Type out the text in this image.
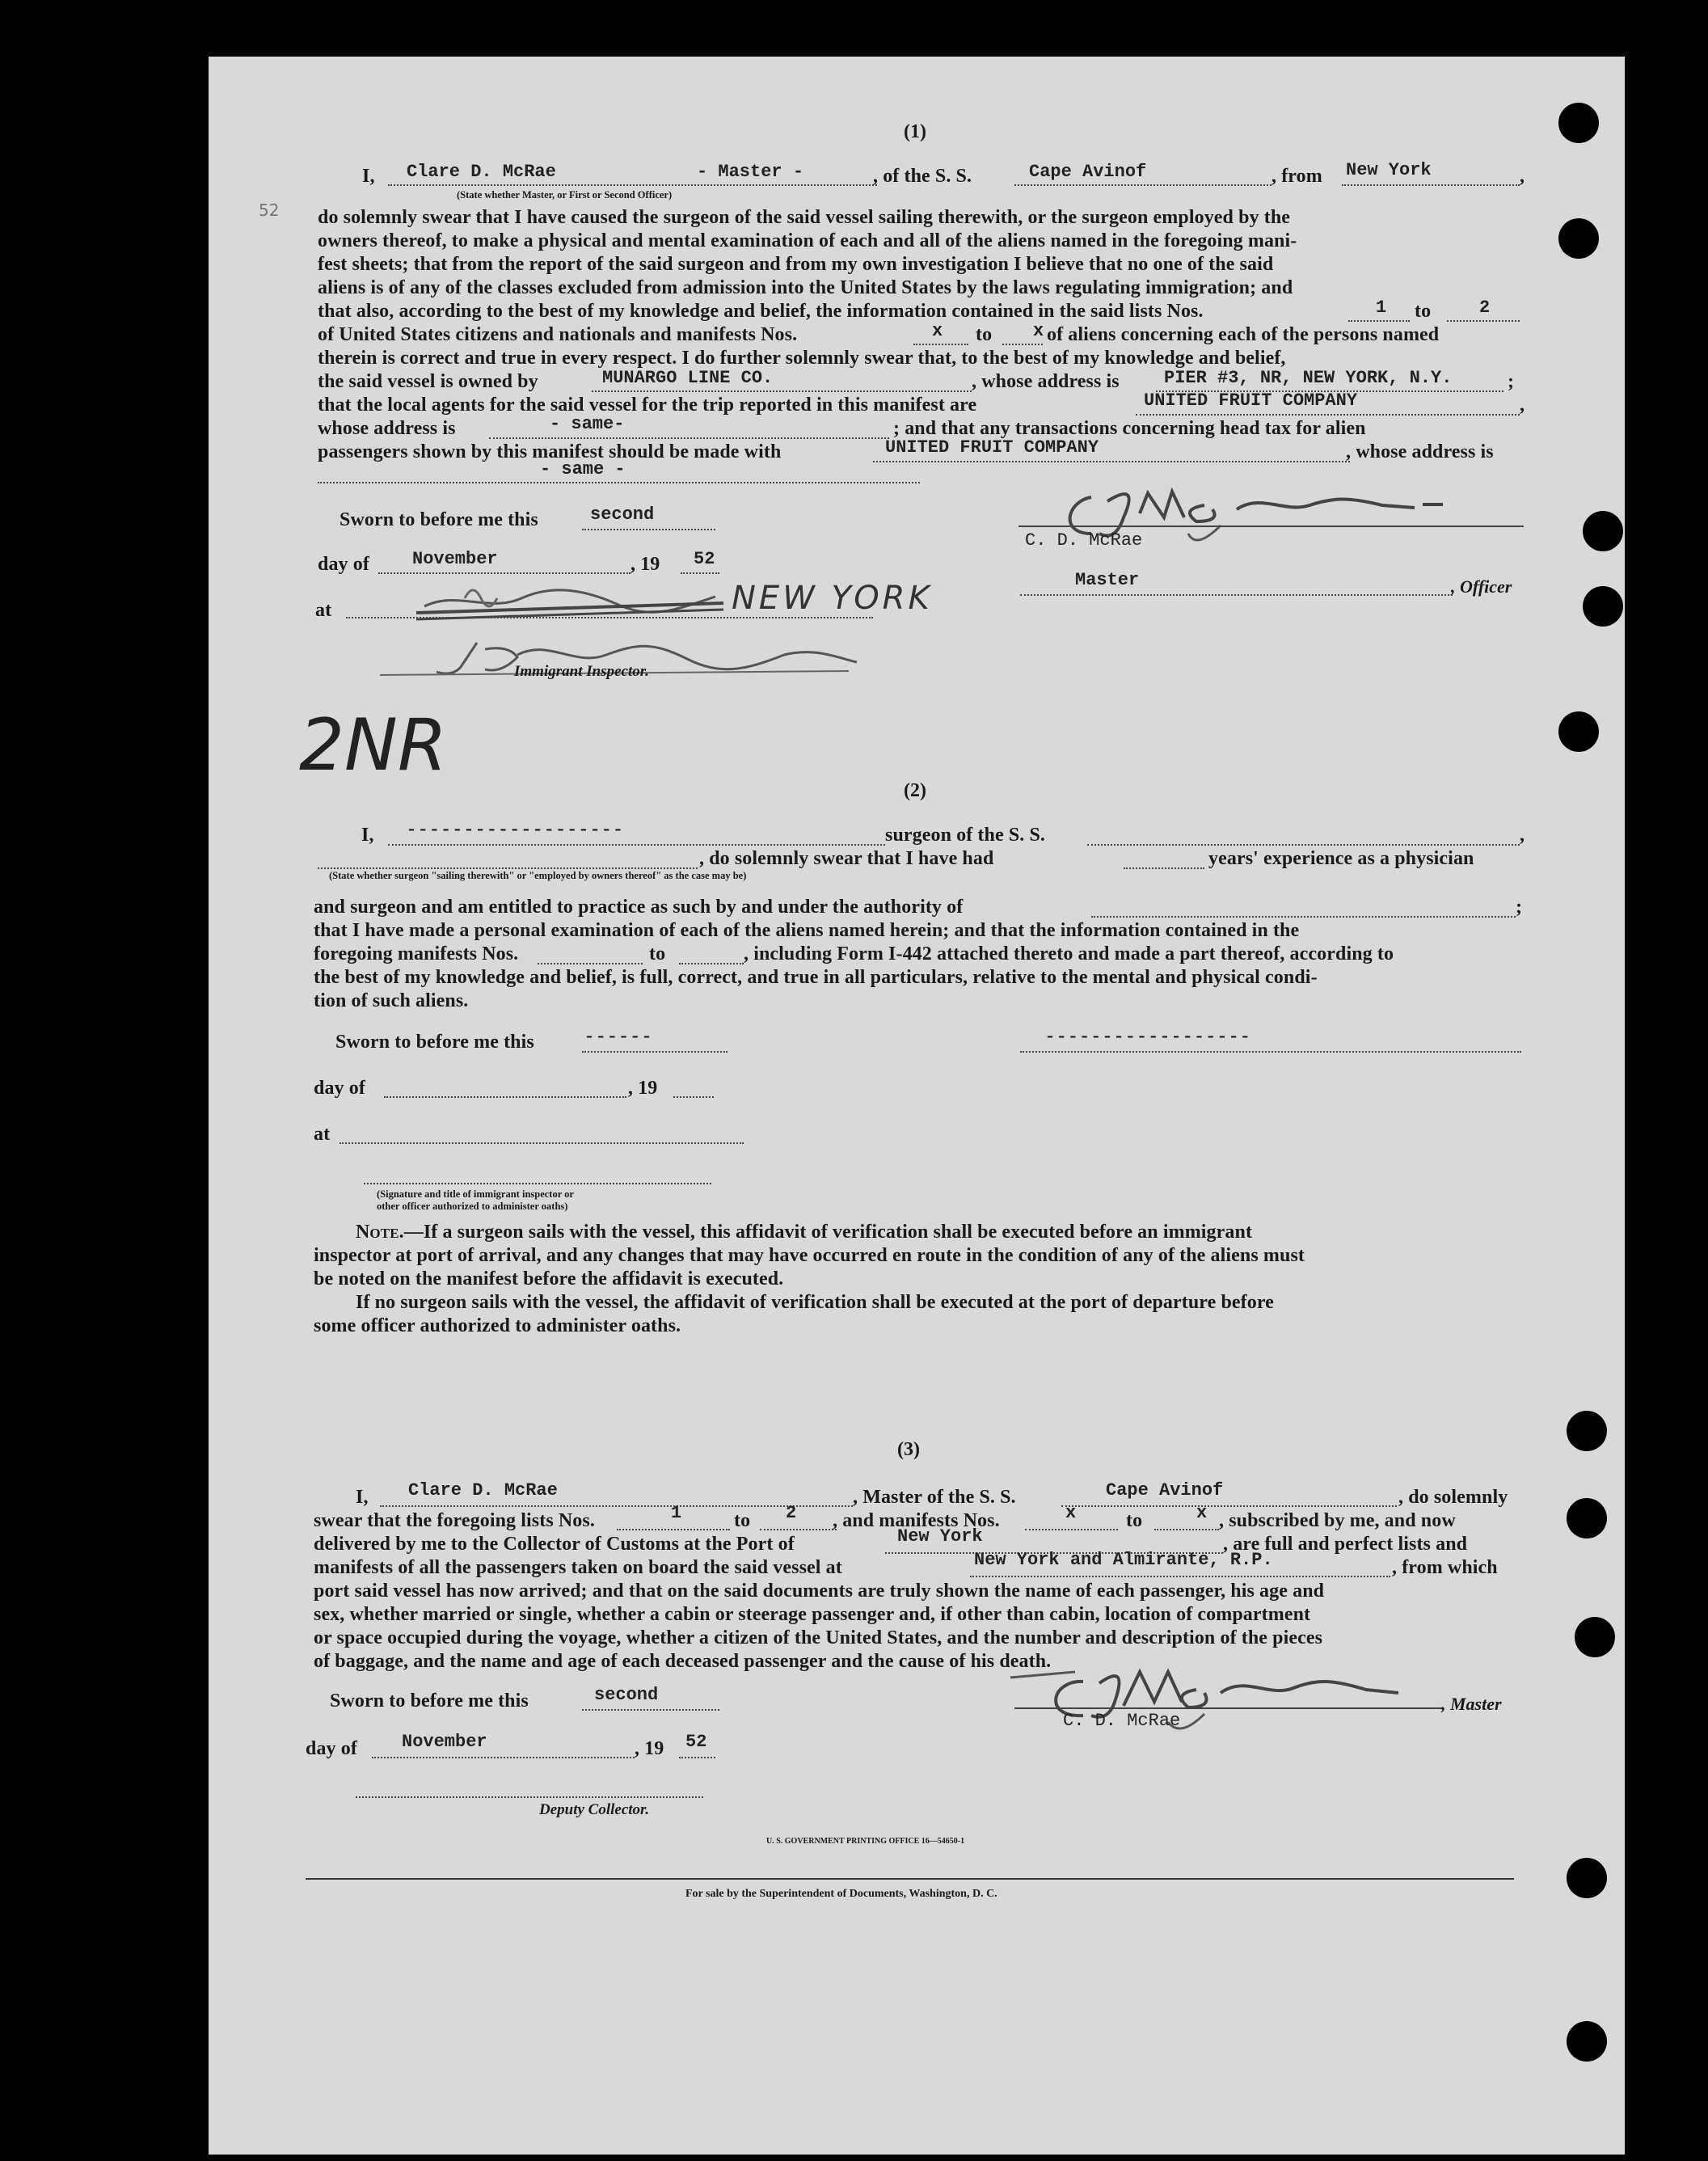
(1)
52
I, Clare D. McRae	- Master -	, of the S. S.	Cape Avinof	, from New York	,
(State whether Master, or First or Second Officer)
do solemnly swear that I have caused the surgeon of the said vessel sailing therewith, or the surgeon employed by the
owners thereof, to make a physical and mental examination of each and all of the aliens named in the foregoing mani-
fest sheets; that from the report of the said surgeon and from my own investigation I believe that no one of the said
aliens is of any of the classes excluded from admission into the United States by the laws regulating immigration; and
that also, according to the best of my knowledge and belief, the information contained in the said lists Nos.	1 to	2
of United States citizens and nationals and manifests Nos.	x to x of aliens concerning each of the persons named
therein is correct and true in every respect. I do further solemnly swear that, to the best of my knowledge and belief,
the said vessel is owned by	MUNARGO LINE CO.	, whose address is	PIER #3, NR, NEW YORK, N.Y.	;
that the local agents for the said vessel for the trip reported in this manifest are	UNITED FRUIT COMPANY	,
whose address is	- same-	; and that any transactions concerning head tax for alien
passengers shown by this manifest should be made with	UNITED FRUIT COMPANY	, whose address is
- same -
Sworn to before me this	second
day of November	, 19 52
at	NEW YORK
Immigrant Inspector.
C. D. McRae
Master	, Officer
2NR
(2)
I, - - - - - - - - - - - - - - - - - - -	surgeon of the S. S.	,
, do solemnly swear that I have had	years' experience as a physician
(State whether surgeon "sailing therewith" or "employed by owners thereof" as the case may be)
and surgeon and am entitled to practice as such by and under the authority of	;
that I have made a personal examination of each of the aliens named herein; and that the information contained in the
foregoing manifests Nos.	to	, including Form I-442 attached thereto and made a part thereof, according to
the best of my knowledge and belief, is full, correct, and true in all particulars, relative to the mental and physical condi-
tion of such aliens.
Sworn to before me this	- - - - - -	- - - - - - - - - - - - - - - - - -
day of	, 19
at
(Signature and title of immigrant inspector or
other officer authorized to administer oaths)
Note.—If a surgeon sails with the vessel, this affidavit of verification shall be executed before an immigrant
inspector at port of arrival, and any changes that may have occurred en route in the condition of any of the aliens must
be noted on the manifest before the affidavit is executed.
If no surgeon sails with the vessel, the affidavit of verification shall be executed at the port of departure before
some officer authorized to administer oaths.
(3)
I, Clare D. McRae	, Master of the S. S.	Cape Avinof	, do solemnly
swear that the foregoing lists Nos.	1	to 2 , and manifests Nos.	x	to	x , subscribed by me, and now
delivered by me to the Collector of Customs at the Port of	New York	, are full and perfect lists and
manifests of all the passengers taken on board the said vessel at	New York and Almirante, R.P.	, from which
port said vessel has now arrived; and that on the said documents are truly shown the name of each passenger, his age and
sex, whether married or single, whether a cabin or steerage passenger and, if other than cabin, location of compartment
or space occupied during the voyage, whether a citizen of the United States, and the number and description of the pieces
of baggage, and the name and age of each deceased passenger and the cause of his death.
Sworn to before me this	second	, Master
C. D. McRae
day of	November	, 19 52
Deputy Collector.
U. S. GOVERNMENT PRINTING OFFICE 16—54650-1
For sale by the Superintendent of Documents, Washington, D. C.
